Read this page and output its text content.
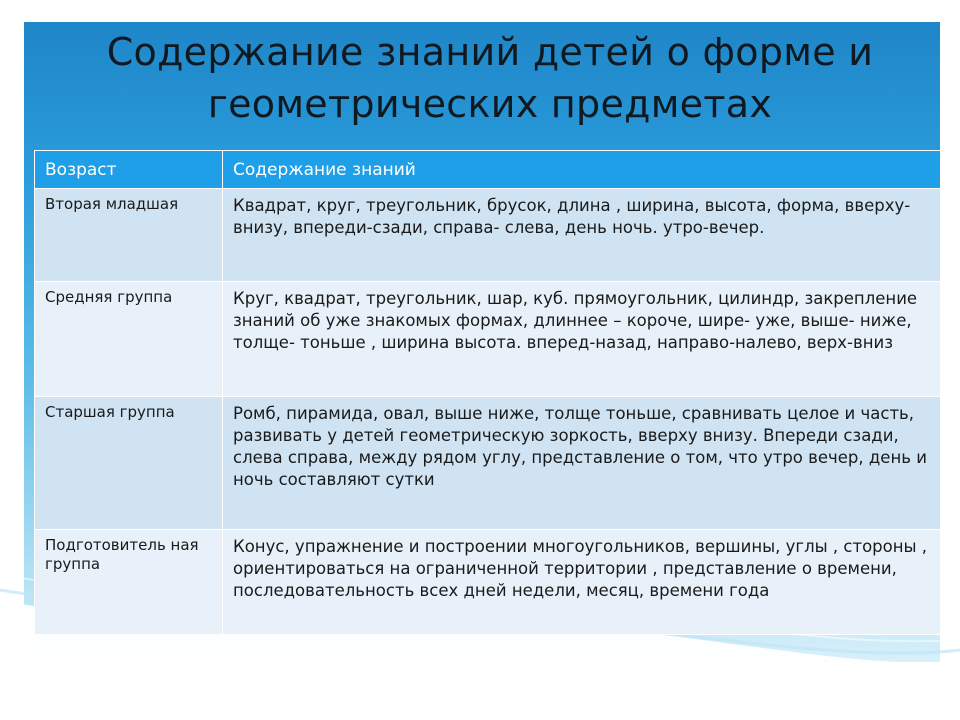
Содержание знаний детей о форме и геометрических предметах
Возраст	Содержание знаний
Вторая младшая	Квадрат, круг, треугольник, брусок, длина , ширина, высота, форма, вверху-внизу, впереди-сзади, справа- слева, день ночь. утро-вечер.
Средняя группа	Круг, квадрат, треугольник, шар, куб. прямоугольник, цилиндр, закрепление знаний об уже знакомых формах, длиннее – короче, шире- уже, выше- ниже, толще- тоньше , ширина высота. вперед-назад, направо-налево, верх-вниз
Старшая группа	Ромб, пирамида, овал, выше ниже, толще тоньше, сравнивать целое и часть, развивать у детей геометрическую зоркость, вверху внизу. Впереди сзади, слева справа, между рядом углу, представление о том, что утро вечер, день и ночь составляют сутки
Подготовитель ная группа	Конус, упражнение и построении многоугольников, вершины, углы , стороны , ориентироваться на ограниченной территории , представление о времени, последовательность всех дней недели, месяц, времени года
